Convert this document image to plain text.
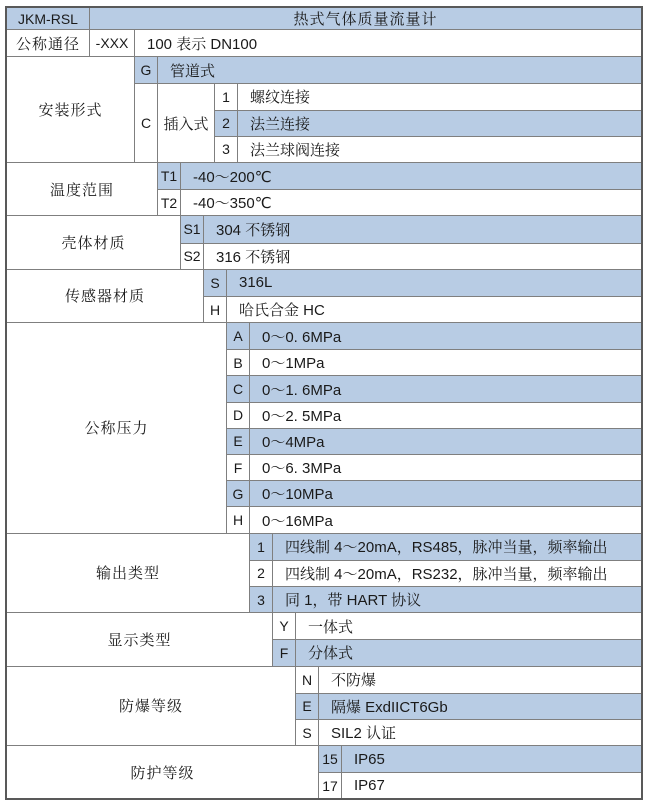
JKM-RSL	热式气体质量流量计
公称通径	-XXX	100 表示 DN100
安装形式
G	管道式
C 插入式
1	螺纹连接
2	法兰连接
3	法兰球阀连接
温度范围
T1	-40～200℃
T2	-40～350℃
壳体材质
S1	304 不锈钢
S2	316 不锈钢
传感器材质
S	316L
H	哈氏合金 HC
公称压力
A	0～0. 6MPa
B	0～1MPa
C	0～1. 6MPa
D	0～2. 5MPa
E	0～4MPa
F	0～6. 3MPa
G	0～10MPa
H	0～16MPa
输出类型
1	四线制 4～20mA，RS485，脉冲当量，频率输出
2	四线制 4～20mA，RS232，脉冲当量，频率输出
3	同 1，带 HART 协议
显示类型
Y	一体式
F	分体式
防爆等级
N	不防爆
E	隔爆 ExdIICT6Gb
S	SIL2 认证
防护等级
15	IP65
17	IP67
